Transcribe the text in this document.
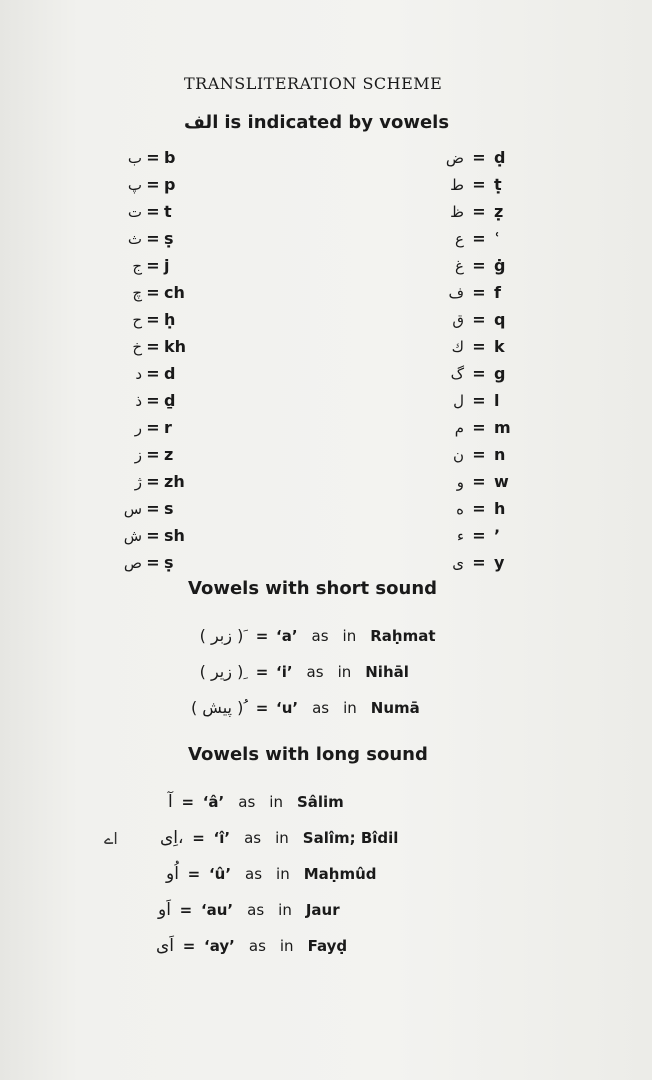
TRANSLITERATION SCHEME
الف is indicated by vowels
ب = b
پ = p
ت = t
ث = ṣ
ج = j
چ = ch
ح = ḥ
خ = kh
د = d
ذ = ḏ
ر = r
ز = z
ژ = zh
س = s
ش = sh
ص = ṣ
ض = ḍ
ط = ṭ
ظ = ẓ
ع = ʿ
غ = ġ
ف = f
ق = q
ك = k
گ = g
ل = l
م = m
ن = n
و = w
ه = h
ء = ’
ى = y
Vowels with short sound
( زبر ) َ = ‘a’ as in Raḥmat
( زیر ) ِ = ‘i’ as in Nihāl
( پیش ) ُ = ‘u’ as in Numā
Vowels with long sound
آ = ‘â’ as in Sâlim
اِی، = ‘î’ as in Salîm; Bîdil
اُو = ‘û’ as in Maḥmûd
اَو = ‘au’ as in Jaur
اَی = ‘ay’ as in Fayḍ
اے
